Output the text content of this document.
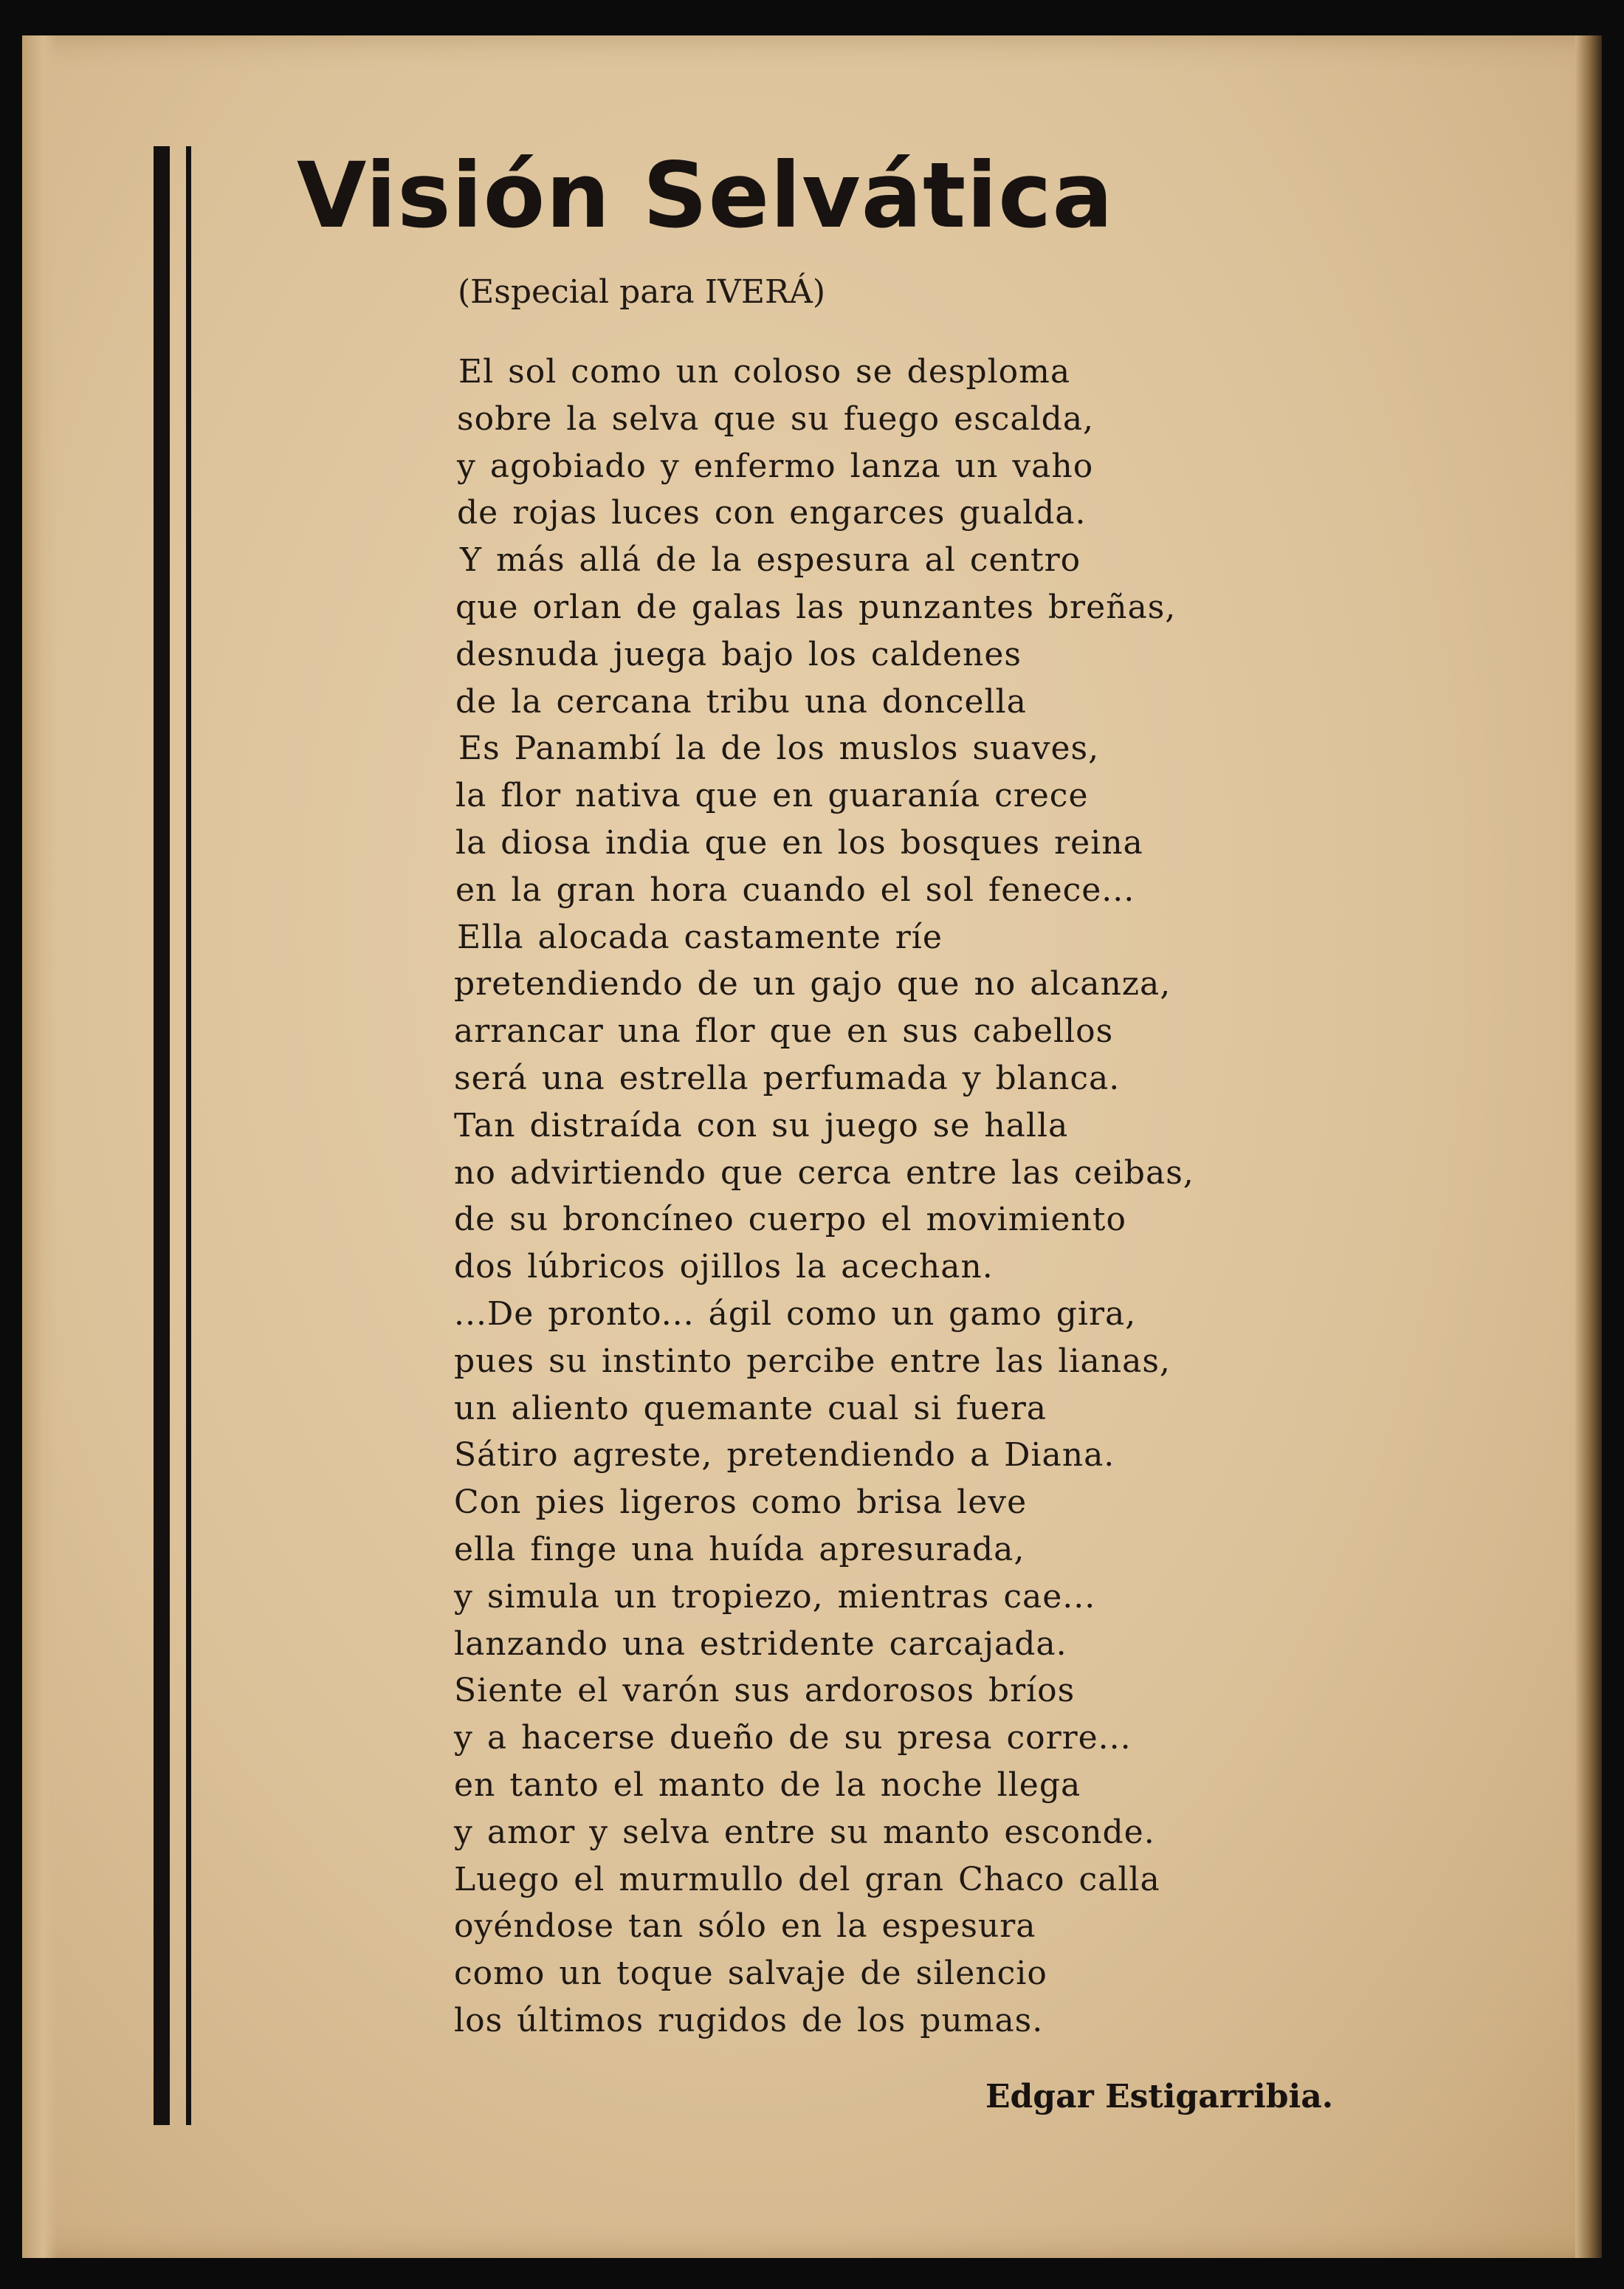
Visión Selvática
(Especial para IVERÁ)
El sol como un coloso se desploma
sobre la selva que su fuego escalda,
y agobiado y enfermo lanza un vaho
de rojas luces con engarces gualda.
Y más allá de la espesura al centro
que orlan de galas las punzantes breñas,
desnuda juega bajo los caldenes
de la cercana tribu una doncella
Es Panambí la de los muslos suaves,
la flor nativa que en guaranía crece
la diosa india que en los bosques reina
en la gran hora cuando el sol fenece...
Ella alocada castamente ríe
pretendiendo de un gajo que no alcanza,
arrancar una flor que en sus cabellos
será una estrella perfumada y blanca.
Tan distraída con su juego se halla
no advirtiendo que cerca entre las ceibas,
de su broncíneo cuerpo el movimiento
dos lúbricos ojillos la acechan.
...De pronto... ágil como un gamo gira,
pues su instinto percibe entre las lianas,
un aliento quemante cual si fuera
Sátiro agreste, pretendiendo a Diana.
Con pies ligeros como brisa leve
ella finge una huída apresurada,
y simula un tropiezo, mientras cae...
lanzando una estridente carcajada.
Siente el varón sus ardorosos bríos
y a hacerse dueño de su presa corre...
en tanto el manto de la noche llega
y amor y selva entre su manto esconde.
Luego el murmullo del gran Chaco calla
oyéndose tan sólo en la espesura
como un toque salvaje de silencio
los últimos rugidos de los pumas.
Edgar Estigarribia.
